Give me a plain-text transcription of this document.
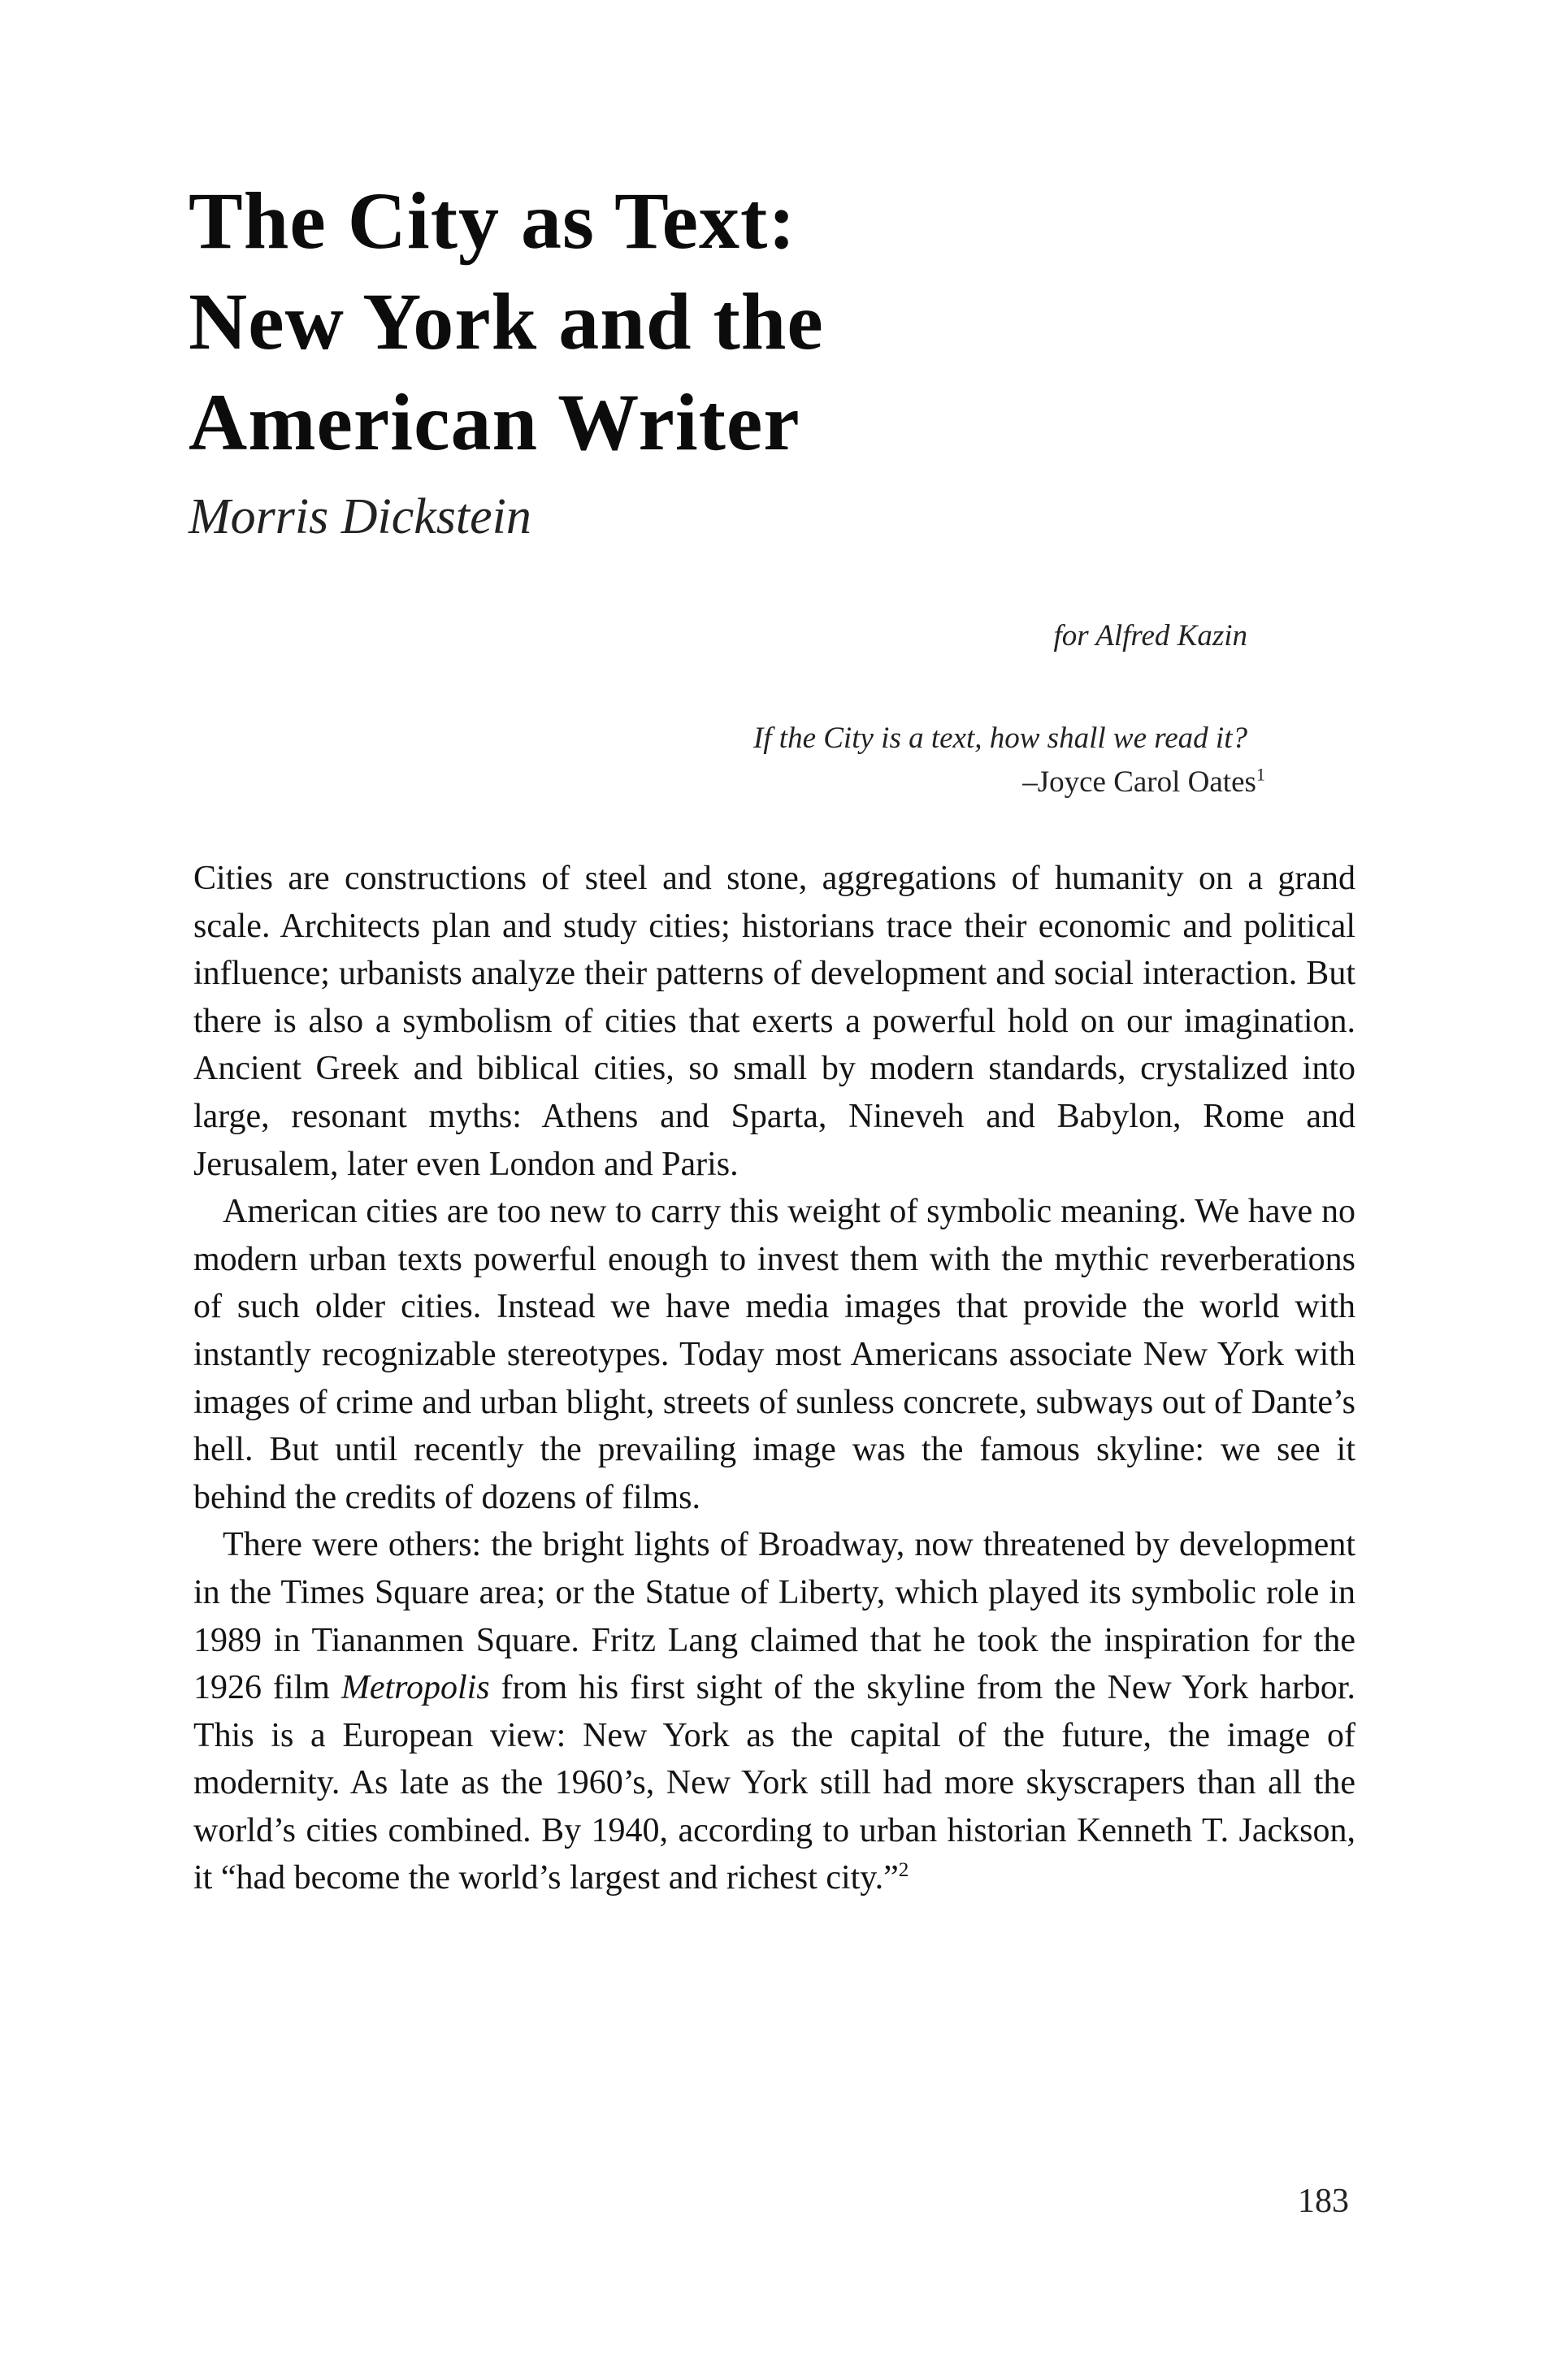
The City as Text:
New York and the
American Writer

Morris Dickstein

for Alfred Kazin
If the City is a text, how shall we read it?
–Joyce Carol Oates$^1$

Cities are constructions of steel and stone, aggregations of humanity on a grand scale. Architects plan and study cities; historians trace their economic and political influence; urbanists analyze their patterns of development and social interaction. But there is also a symbolism of cities that exerts a powerful hold on our imagination. Ancient Greek and biblical cities, so small by modern standards, crystalized into large, resonant myths: Athens and Sparta, Nineveh and Babylon, Rome and Jerusalem, later even London and Paris.

American cities are too new to carry this weight of symbolic meaning. We have no modern urban texts powerful enough to invest them with the mythic reverberations of such older cities. Instead we have media images that provide the world with instantly recognizable stereotypes. Today most Americans associate New York with images of crime and urban blight, streets of sunless concrete, subways out of Dante’s hell. But until recently the prevailing image was the famous skyline: we see it behind the credits of dozens of films.

There were others: the bright lights of Broadway, now threatened by development in the Times Square area; or the Statue of Liberty, which played its symbolic role in 1989 in Tiananmen Square. Fritz Lang claimed that he took the inspiration for the 1926 film Metropolis from his first sight of the skyline from the New York harbor. This is a European view: New York as the capital of the future, the image of modernity. As late as the 1960’s, New York still had more skyscrapers than all the world’s cities combined. By 1940, according to urban historian Kenneth T. Jackson, it “had become the world’s largest and richest city.”$^2$

183
